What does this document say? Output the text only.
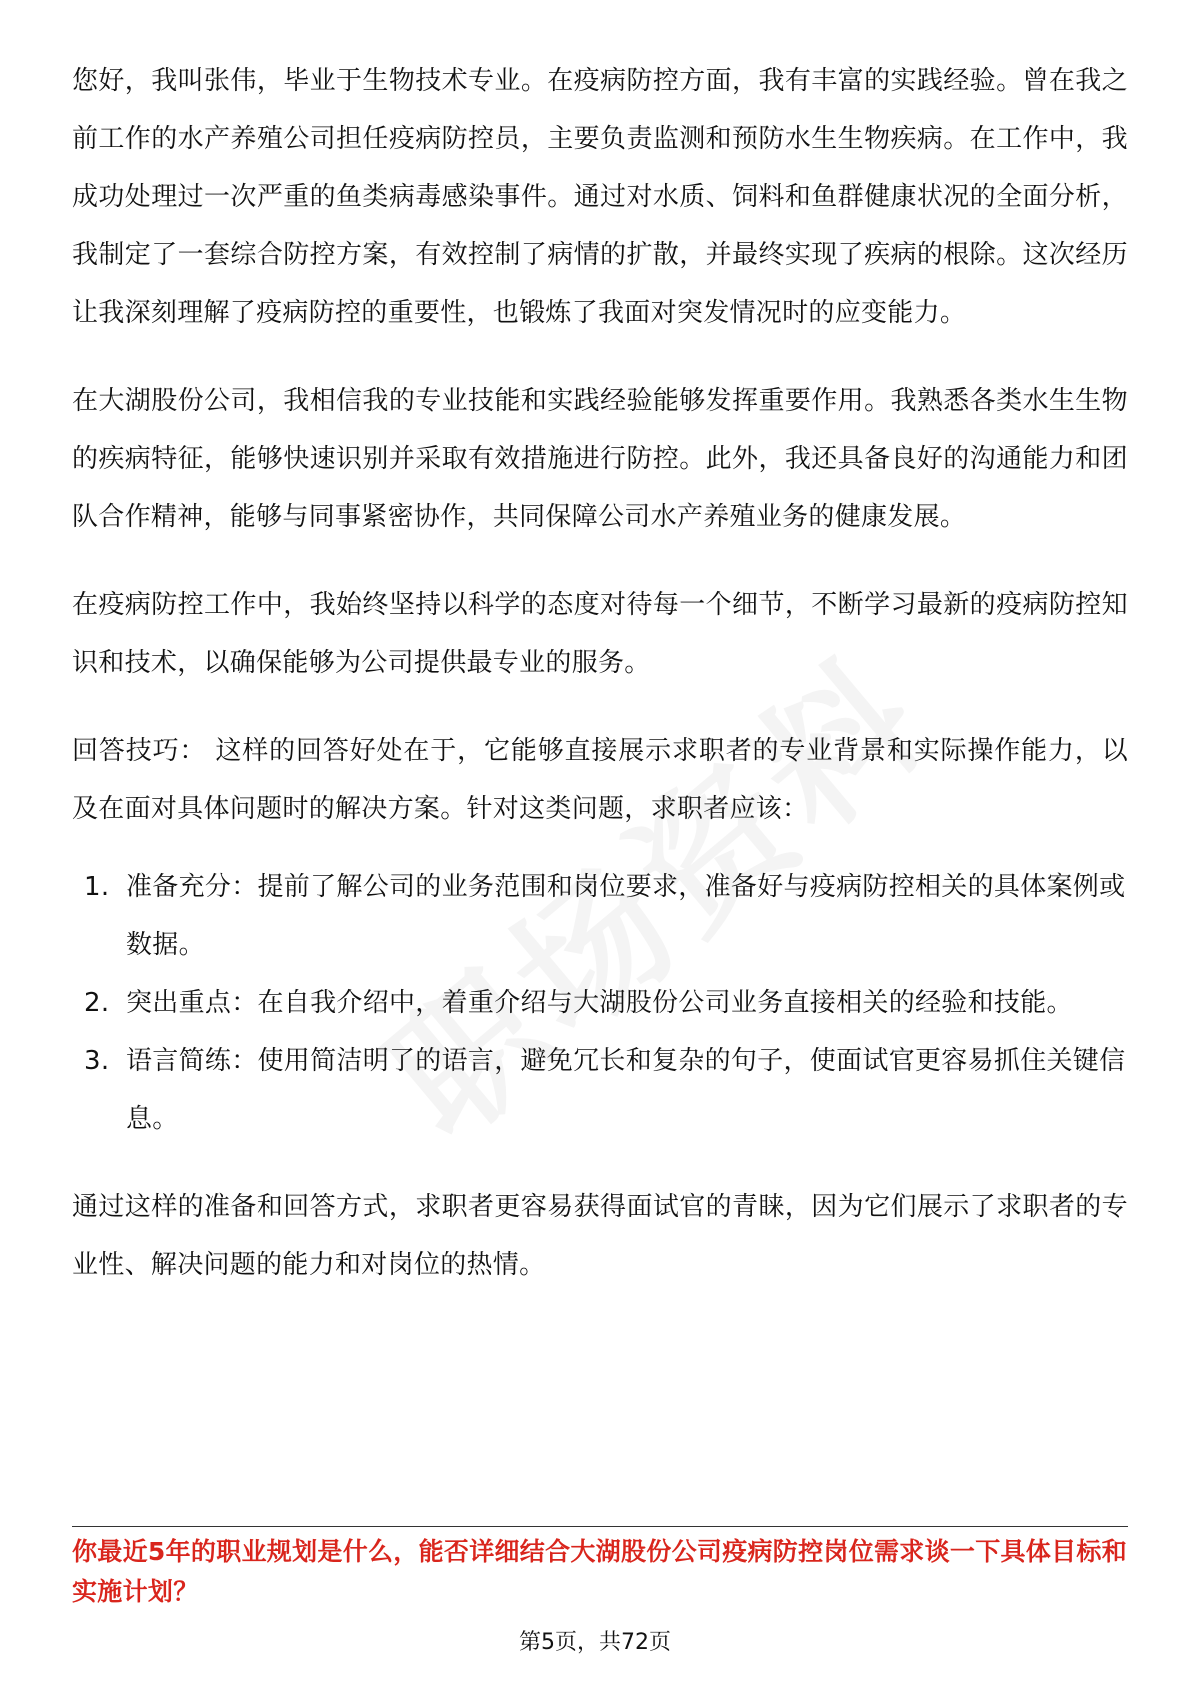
您好，我叫张伟，毕业于生物技术专业。在疫病防控方面，我有丰富的实践经验。曾在我之前工作的水产养殖公司担任疫病防控员，主要负责监测和预防水生生物疾病。在工作中，我成功处理过一次严重的鱼类病毒感染事件。通过对水质、饲料和鱼群健康状况的全面分析，我制定了一套综合防控方案，有效控制了病情的扩散，并最终实现了疾病的根除。这次经历让我深刻理解了疫病防控的重要性，也锻炼了我面对突发情况时的应变能力。

在大湖股份公司，我相信我的专业技能和实践经验能够发挥重要作用。我熟悉各类水生生物的疾病特征，能够快速识别并采取有效措施进行防控。此外，我还具备良好的沟通能力和团队合作精神，能够与同事紧密协作，共同保障公司水产养殖业务的健康发展。

在疫病防控工作中，我始终坚持以科学的态度对待每一个细节，不断学习最新的疫病防控知识和技术，以确保能够为公司提供最专业的服务。

回答技巧： 这样的回答好处在于，它能够直接展示求职者的专业背景和实际操作能力，以及在面对具体问题时的解决方案。针对这类问题，求职者应该：

1. 准备充分：提前了解公司的业务范围和岗位要求，准备好与疫病防控相关的具体案例或数据。
2. 突出重点：在自我介绍中，着重介绍与大湖股份公司业务直接相关的经验和技能。
3. 语言简练：使用简洁明了的语言，避免冗长和复杂的句子，使面试官更容易抓住关键信息。

通过这样的准备和回答方式，求职者更容易获得面试官的青睐，因为它们展示了求职者的专业性、解决问题的能力和对岗位的热情。

你最近5年的职业规划是什么，能否详细结合大湖股份公司疫病防控岗位需求谈一下具体目标和实施计划？
第5页，共72页
